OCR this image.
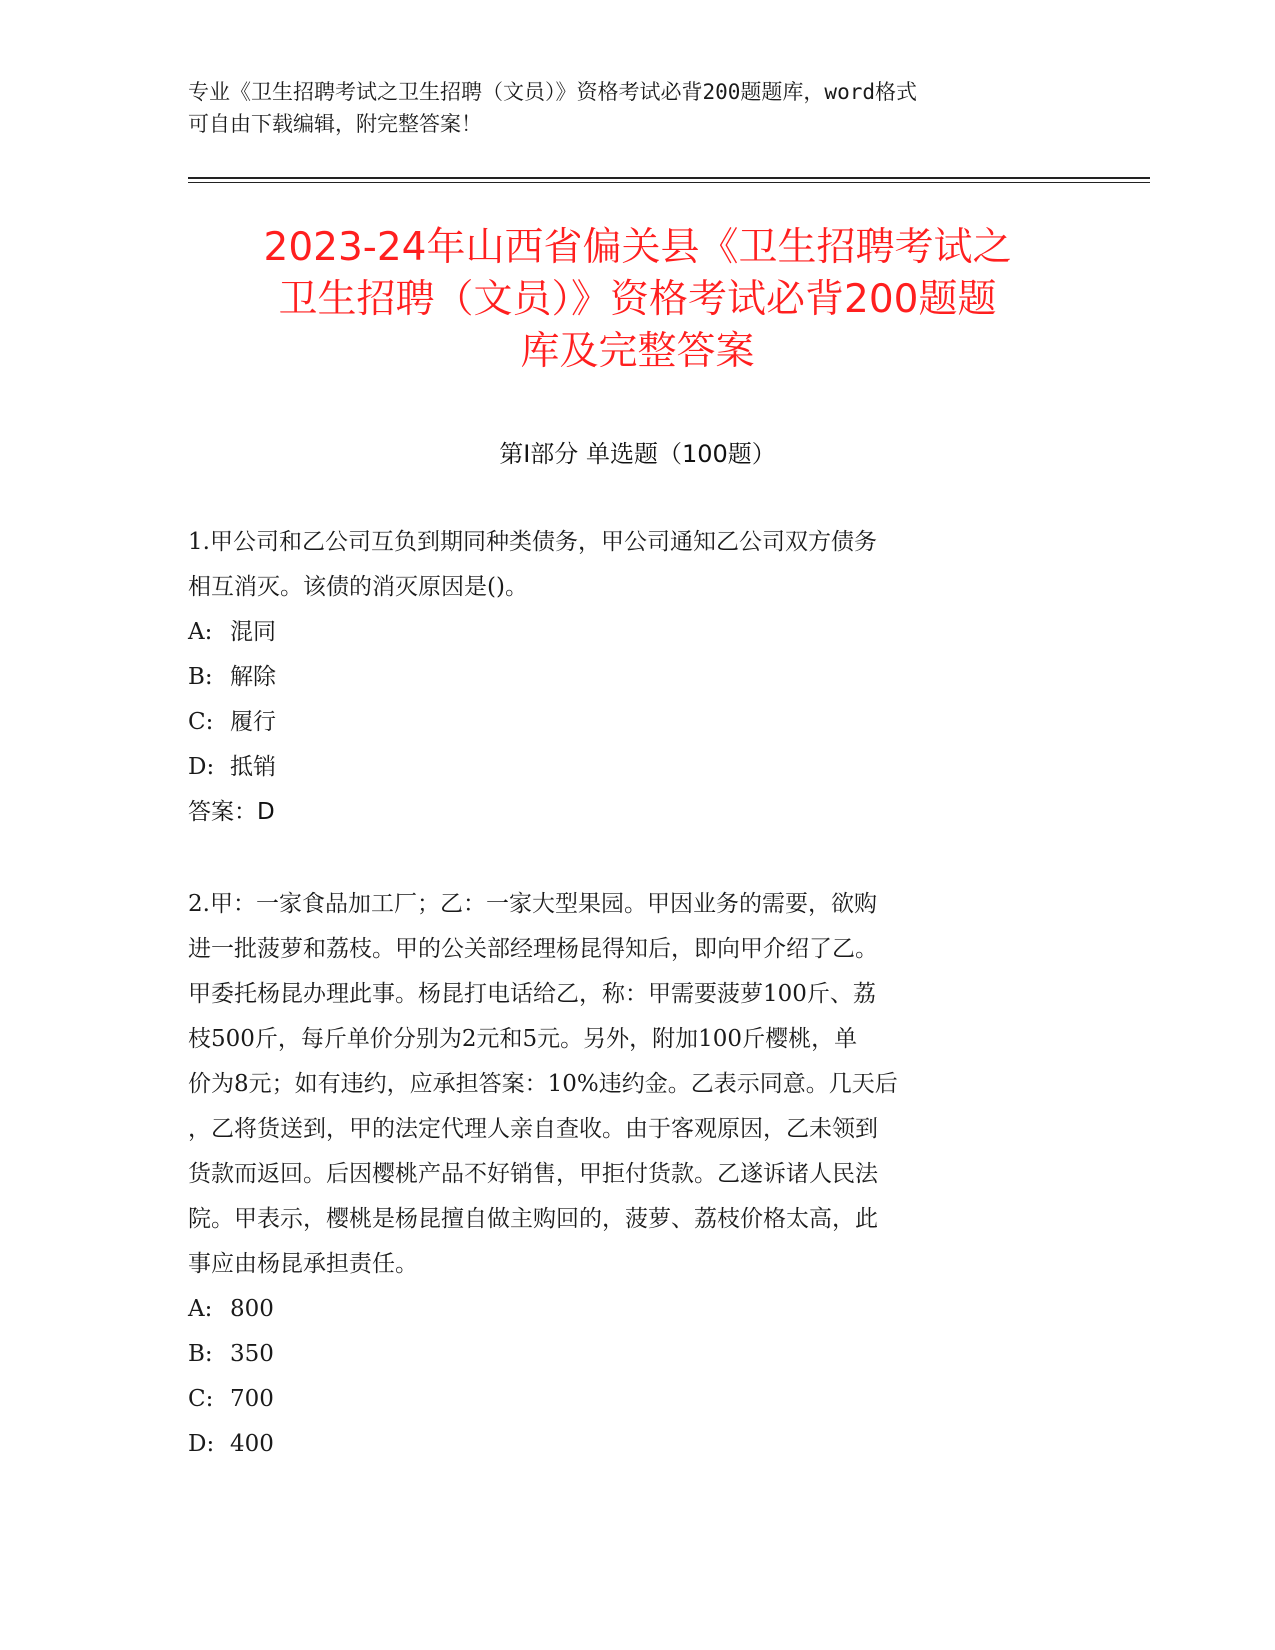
专业《卫生招聘考试之卫生招聘（文员）》资格考试必背200题题库，word格式
可自由下载编辑，附完整答案！
2023-24年山西省偏关县《卫生招聘考试之
卫生招聘（文员）》资格考试必背200题题
库及完整答案
第Ⅰ部分 单选题（100题）
1.甲公司和乙公司互负到期同种类债务，甲公司通知乙公司双方债务
相互消灭。该债的消灭原因是()。
A: 混同
B: 解除
C: 履行
D: 抵销
答案：D
2.甲：一家食品加工厂；乙：一家大型果园。甲因业务的需要，欲购
进一批菠萝和荔枝。甲的公关部经理杨昆得知后，即向甲介绍了乙。
甲委托杨昆办理此事。杨昆打电话给乙，称：甲需要菠萝100斤、荔
枝500斤，每斤单价分别为2元和5元。另外，附加100斤樱桃，单
价为8元；如有违约，应承担答案：10%违约金。乙表示同意。几天后
，乙将货送到，甲的法定代理人亲自查收。由于客观原因，乙未领到
货款而返回。后因樱桃产品不好销售，甲拒付货款。乙遂诉诸人民法
院。甲表示，樱桃是杨昆擅自做主购回的，菠萝、荔枝价格太高，此
事应由杨昆承担责任。
A: 800
B: 350
C: 700
D: 400
